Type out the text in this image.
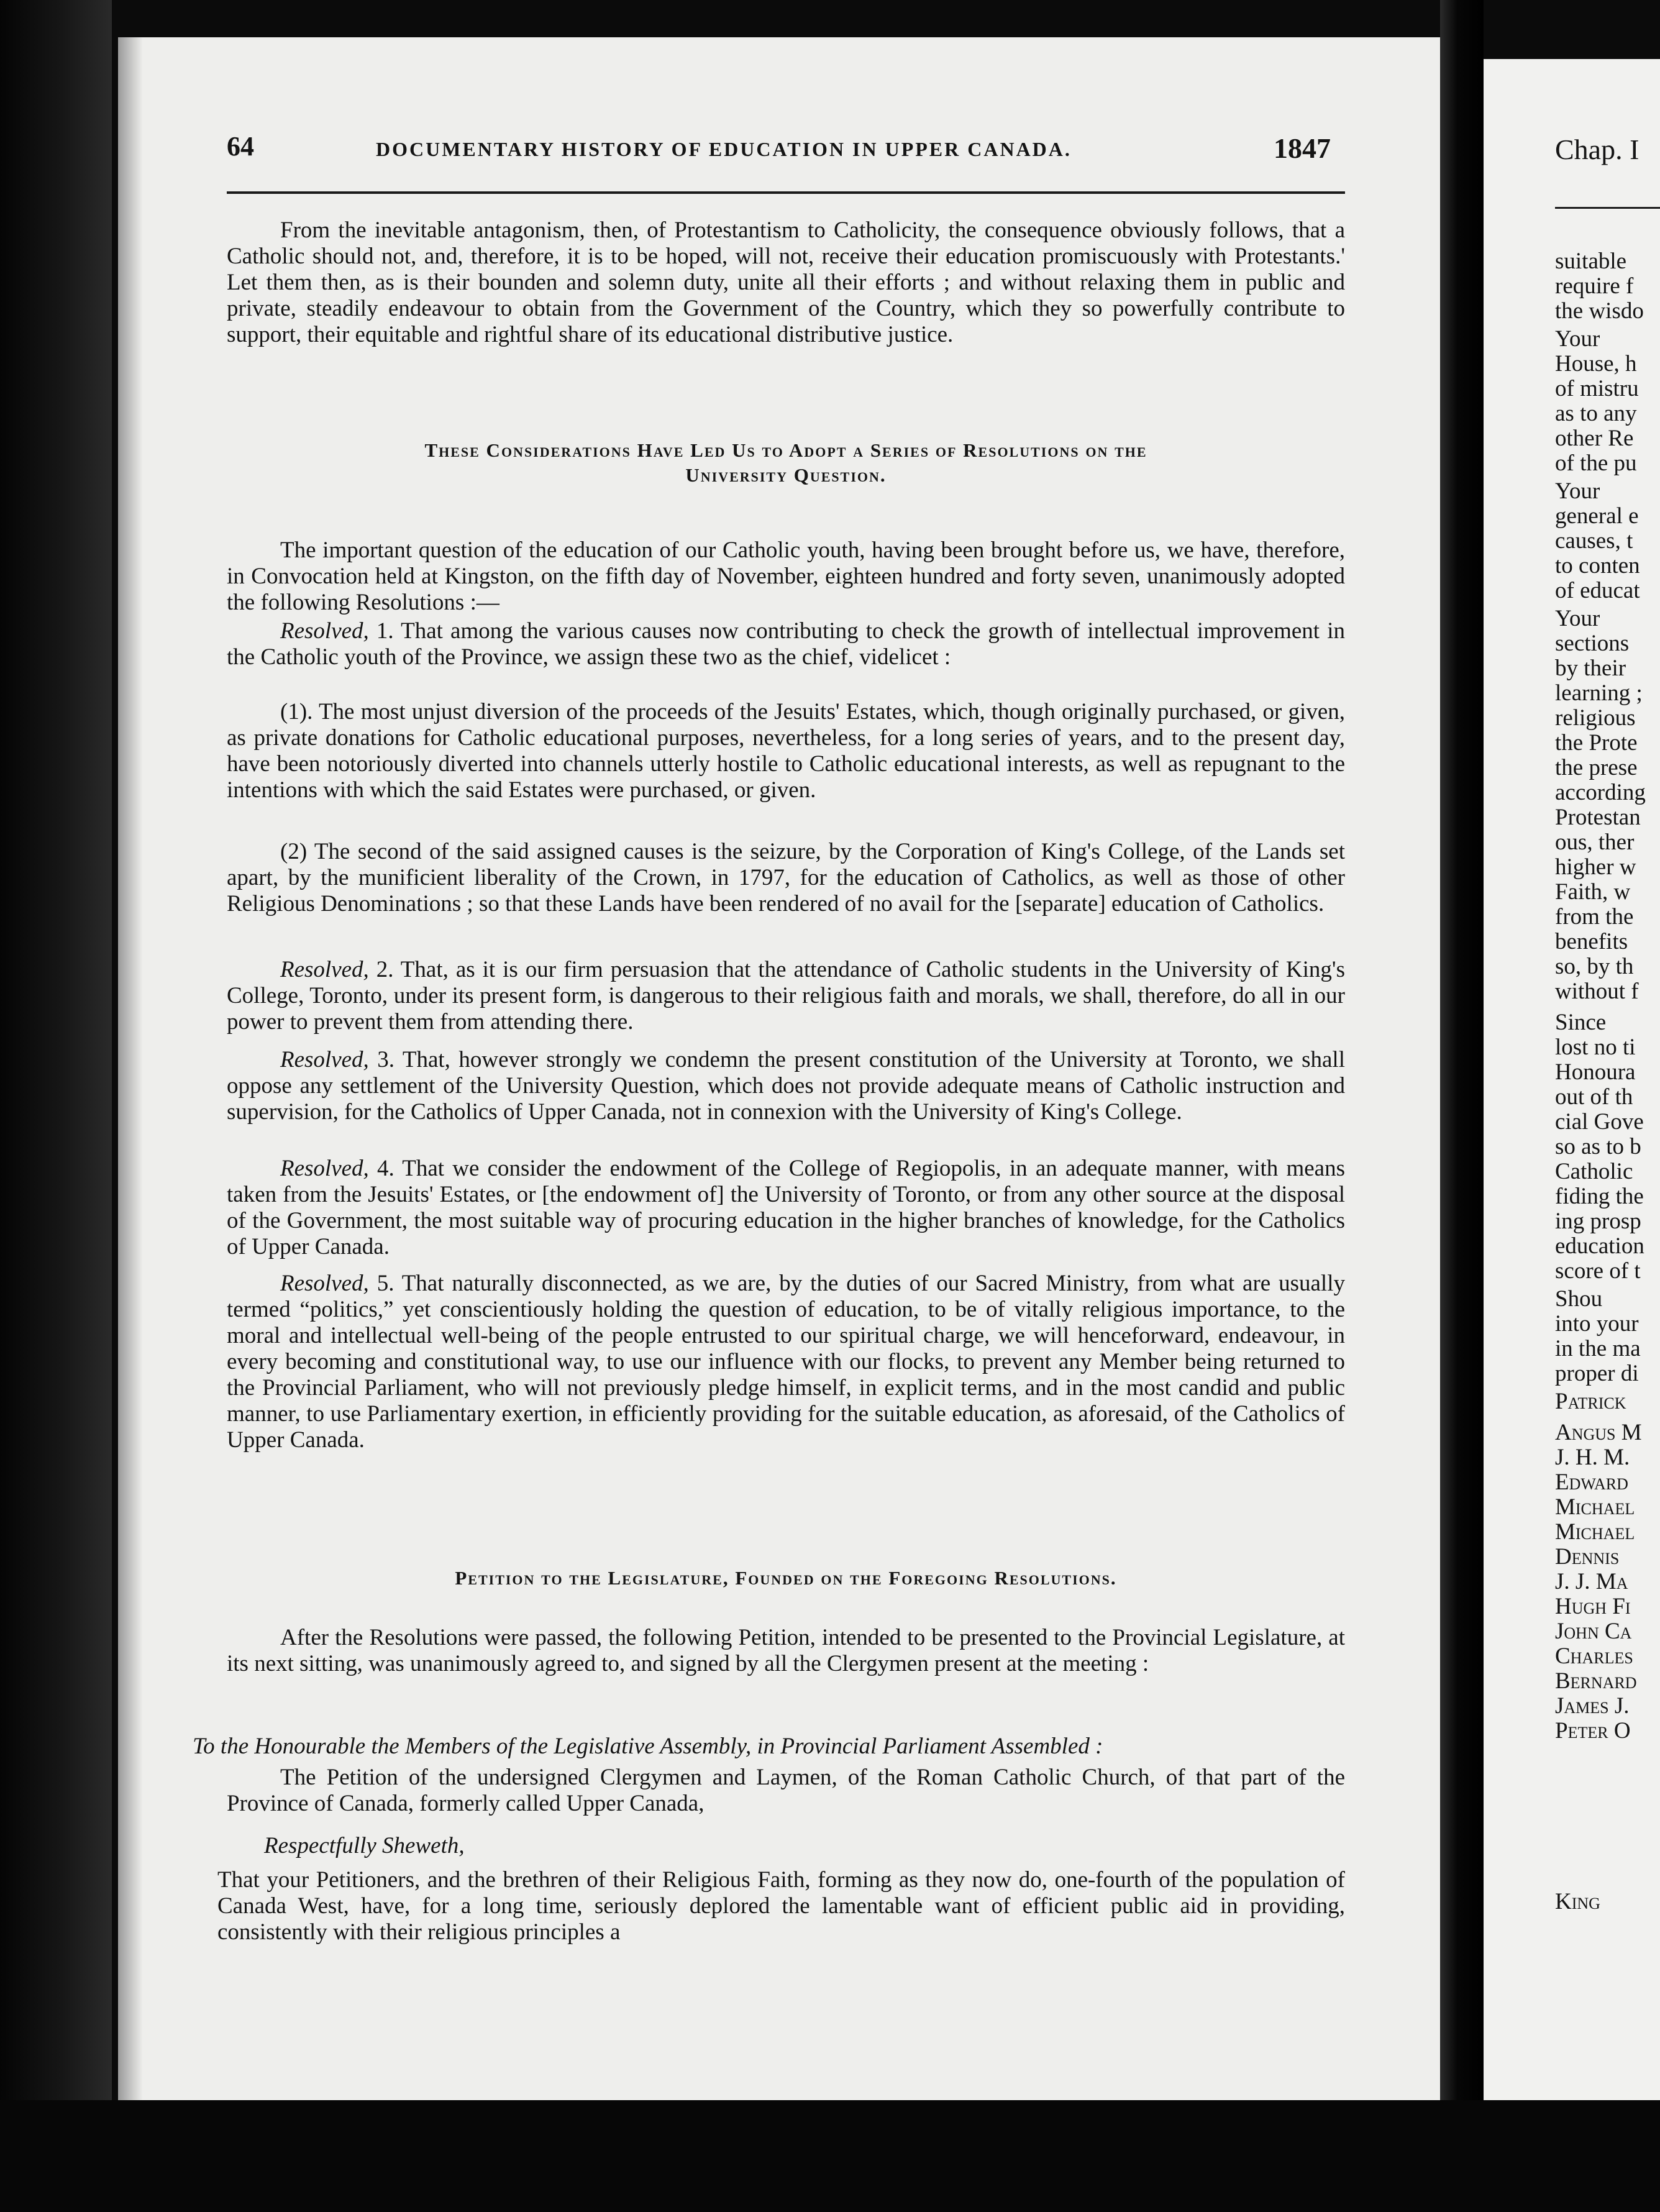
64	DOCUMENTARY HISTORY OF EDUCATION IN UPPER CANADA.	1847

From the inevitable antagonism, then, of Protestantism to Catholicity, the consequence obviously follows, that a Catholic should not, and, therefore, it is to be hoped, will not, receive their education promiscuously with Protestants.' Let them then, as is their bounden and solemn duty, unite all their efforts ; and without relaxing them in public and private, steadily endeavour to obtain from the Government of the Country, which they so powerfully contribute to support, their equitable and rightful share of its educational distributive justice.

These Considerations Have Led Us to Adopt a Series of Resolutions on the
University Question.

The important question of the education of our Catholic youth, having been brought before us, we have, therefore, in Convocation held at Kingston, on the fifth day of November, eighteen hundred and forty seven, unanimously adopted the following Resolutions :—

Resolved, 1. That among the various causes now contributing to check the growth of intellectual improvement in the Catholic youth of the Province, we assign these two as the chief, videlicet :

(1). The most unjust diversion of the proceeds of the Jesuits' Estates, which, though originally purchased, or given, as private donations for Catholic educational purposes, nevertheless, for a long series of years, and to the present day, have been notoriously diverted into channels utterly hostile to Catholic educational interests, as well as repugnant to the intentions with which the said Estates were purchased, or given.

(2) The second of the said assigned causes is the seizure, by the Corporation of King's College, of the Lands set apart, by the munificient liberality of the Crown, in 1797, for the education of Catholics, as well as those of other Religious Denominations ; so that these Lands have been rendered of no avail for the [separate] education of Catholics.

Resolved, 2. That, as it is our firm persuasion that the attendance of Catholic students in the University of King's College, Toronto, under its present form, is dangerous to their religious faith and morals, we shall, therefore, do all in our power to prevent them from attending there.

Resolved, 3. That, however strongly we condemn the present constitution of the University at Toronto, we shall oppose any settlement of the University Question, which does not provide adequate means of Catholic instruction and supervision, for the Catholics of Upper Canada, not in connexion with the University of King's College.

Resolved, 4. That we consider the endowment of the College of Regiopolis, in an adequate manner, with means taken from the Jesuits' Estates, or [the endowment of] the University of Toronto, or from any other source at the disposal of the Government, the most suitable way of procuring education in the higher branches of knowledge, for the Catholics of Upper Canada.

Resolved, 5. That naturally disconnected, as we are, by the duties of our Sacred Ministry, from what are usually termed “politics,” yet conscientiously holding the question of education, to be of vitally religious importance, to the moral and intellectual well-being of the people entrusted to our spiritual charge, we will henceforward, endeavour, in every becoming and constitutional way, to use our influence with our flocks, to prevent any Member being returned to the Provincial Parliament, who will not previously pledge himself, in explicit terms, and in the most candid and public manner, to use Parliamentary exertion, in efficiently providing for the suitable education, as aforesaid, of the Catholics of Upper Canada.

Petition to the Legislature, Founded on the Foregoing Resolutions.

After the Resolutions were passed, the following Petition, intended to be presented to the Provincial Legislature, at its next sitting, was unanimously agreed to, and signed by all the Clergymen present at the meeting :

To the Honourable the Members of the Legislative Assembly, in Provincial Parliament Assembled :

The Petition of the undersigned Clergymen and Laymen, of the Roman Catholic Church, of that part of the Province of Canada, formerly called Upper Canada,

Respectfully Sheweth,

That your Petitioners, and the brethren of their Religious Faith, forming as they now do, one-fourth of the population of Canada West, have, for a long time, seriously deplored the lamentable want of efficient public aid in providing, consistently with their religious principles a

Chap. I
suitable
require f
the wisdo
Your
House, h
of mistru
as to any
other Re
of the pu
Your
general e
causes, t
to conten
of educat
Your
sections
by their
learning ;
religious
the Prote
the prese
according
Protestan
ous, ther
higher w
Faith, w
from the
benefits
so, by th
without f
Since
lost no ti
Honoura
out of th
cial Gove
so as to b
Catholic
fiding the
ing prosp
education
score of t
Shou
into your
in the ma
proper di
Patrick
Angus M
J. H. M.
Edward
Michael
Michael
Dennis
J. J. Ma
Hugh Fi
John Ca
Charles
Bernard
James J.
Peter O
King
